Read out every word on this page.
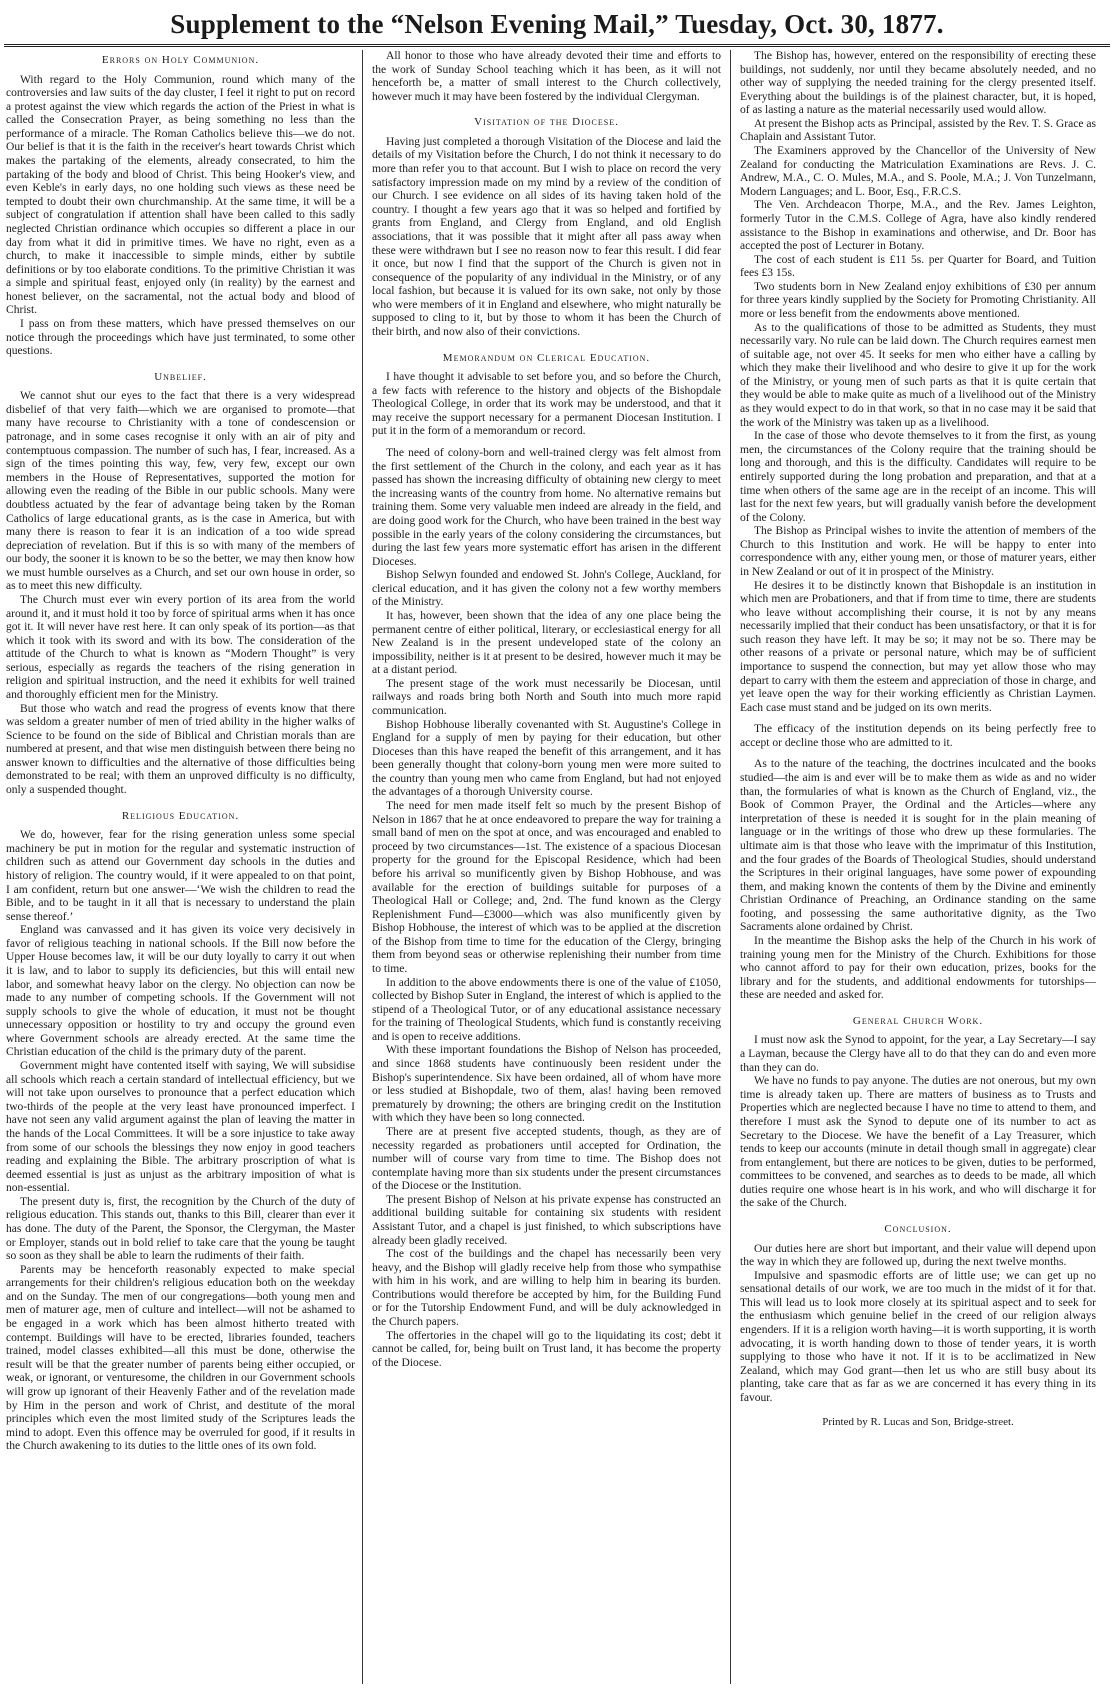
Supplement to the “Nelson Evening Mail,” Tuesday, Oct. 30, 1877.
Errors on Holy Communion.

With regard to the Holy Communion, round which many of the controversies and law suits of the day cluster, I feel it right to put on record a protest against the view which regards the action of the Priest in what is called the Consecration Prayer, as being something no less than the performance of a miracle. The Roman Catholics believe this—we do not. Our belief is that it is the faith in the receiver's heart towards Christ which makes the partaking of the elements, already consecrated, to him the partaking of the body and blood of Christ. This being Hooker's view, and even Keble's in early days, no one holding such views as these need be tempted to doubt their own churchmanship. At the same time, it will be a subject of congratulation if attention shall have been called to this sadly neglected Christian ordinance which occupies so different a place in our day from what it did in primitive times. We have no right, even as a church, to make it inaccessible to simple minds, either by subtile definitions or by too elaborate conditions. To the primitive Christian it was a simple and spiritual feast, enjoyed only (in reality) by the earnest and honest believer, on the sacramental, not the actual body and blood of Christ.

I pass on from these matters, which have pressed themselves on our notice through the proceedings which have just terminated, to some other questions.

Unbelief.

We cannot shut our eyes to the fact that there is a very widespread disbelief of that very faith—which we are organised to promote—that many have recourse to Christianity with a tone of condescension or patronage, and in some cases recognise it only with an air of pity and contemptuous compassion. The number of such has, I fear, increased. As a sign of the times pointing this way, few, very few, except our own members in the House of Representatives, supported the motion for allowing even the reading of the Bible in our public schools. Many were doubtless actuated by the fear of advantage being taken by the Roman Catholics of large educational grants, as is the case in America, but with many there is reason to fear it is an indication of a too wide spread depreciation of revelation. But if this is so with many of the members of our body, the sooner it is known to be so the better, we may then know how we must humble ourselves as a Church, and set our own house in order, so as to meet this new difficulty.

The Church must ever win every portion of its area from the world around it, and it must hold it too by force of spiritual arms when it has once got it. It will never have rest here. It can only speak of its portion—as that which it took with its sword and with its bow. The consideration of the attitude of the Church to what is known as “Modern Thought” is very serious, especially as regards the teachers of the rising generation in religion and spiritual instruction, and the need it exhibits for well trained and thoroughly efficient men for the Ministry.

But those who watch and read the progress of events know that there was seldom a greater number of men of tried ability in the higher walks of Science to be found on the side of Biblical and Christian morals than are numbered at present, and that wise men distinguish between there being no answer known to difficulties and the alternative of those difficulties being demonstrated to be real; with them an unproved difficulty is no difficulty, only a suspended thought.

Religious Education.

We do, however, fear for the rising generation unless some special machinery be put in motion for the regular and systematic instruction of children such as attend our Government day schools in the duties and history of religion. The country would, if it were appealed to on that point, I am confident, return but one answer—‘We wish the children to read the Bible, and to be taught in it all that is necessary to understand the plain sense thereof.’

England was canvassed and it has given its voice very decisively in favor of religious teaching in national schools. If the Bill now before the Upper House becomes law, it will be our duty loyally to carry it out when it is law, and to labor to supply its deficiencies, but this will entail new labor, and somewhat heavy labor on the clergy. No objection can now be made to any number of competing schools. If the Government will not supply schools to give the whole of education, it must not be thought unnecessary opposition or hostility to try and occupy the ground even where Government schools are already erected. At the same time the Christian education of the child is the primary duty of the parent.

Government might have contented itself with saying, We will subsidise all schools which reach a certain standard of intellectual efficiency, but we will not take upon ourselves to pronounce that a perfect education which two-thirds of the people at the very least have pronounced imperfect. I have not seen any valid argument against the plan of leaving the matter in the hands of the Local Committees. It will be a sore injustice to take away from some of our schools the blessings they now enjoy in good teachers reading and explaining the Bible. The arbitrary proscription of what is deemed essential is just as unjust as the arbitrary imposition of what is non-essential.

The present duty is, first, the recognition by the Church of the duty of religious education. This stands out, thanks to this Bill, clearer than ever it has done. The duty of the Parent, the Sponsor, the Clergyman, the Master or Employer, stands out in bold relief to take care that the young be taught so soon as they shall be able to learn the rudiments of their faith.

Parents may be henceforth reasonably expected to make special arrangements for their children's religious education both on the weekday and on the Sunday. The men of our congregations—both young men and men of maturer age, men of culture and intellect—will not be ashamed to be engaged in a work which has been almost hitherto treated with contempt. Buildings will have to be erected, libraries founded, teachers trained, model classes exhibited—all this must be done, otherwise the result will be that the greater number of parents being either occupied, or weak, or ignorant, or venturesome, the children in our Government schools will grow up ignorant of their Heavenly Father and of the revelation made by Him in the person and work of Christ, and destitute of the moral principles which even the most limited study of the Scriptures leads the mind to adopt. Even this offence may be overruled for good, if it results in the Church awakening to its duties to the little ones of its own fold.

All honor to those who have already devoted their time and efforts to the work of Sunday School teaching which it has been, as it will not henceforth be, a matter of small interest to the Church collectively, however much it may have been fostered by the individual Clergyman.

Visitation of the Diocese.

Having just completed a thorough Visitation of the Diocese and laid the details of my Visitation before the Church, I do not think it necessary to do more than refer you to that account. But I wish to place on record the very satisfactory impression made on my mind by a review of the condition of our Church. I see evidence on all sides of its having taken hold of the country. I thought a few years ago that it was so helped and fortified by grants from England, and Clergy from England, and old English associations, that it was possible that it might after all pass away when these were withdrawn but I see no reason now to fear this result. I did fear it once, but now I find that the support of the Church is given not in consequence of the popularity of any individual in the Ministry, or of any local fashion, but because it is valued for its own sake, not only by those who were members of it in England and elsewhere, who might naturally be supposed to cling to it, but by those to whom it has been the Church of their birth, and now also of their convictions.

Memorandum on Clerical Education.

I have thought it advisable to set before you, and so before the Church, a few facts with reference to the history and objects of the Bishopdale Theological College, in order that its work may be understood, and that it may receive the support necessary for a permanent Diocesan Institution. I put it in the form of a memorandum or record.

The need of colony-born and well-trained clergy was felt almost from the first settlement of the Church in the colony, and each year as it has passed has shown the increasing difficulty of obtaining new clergy to meet the increasing wants of the country from home. No alternative remains but training them. Some very valuable men indeed are already in the field, and are doing good work for the Church, who have been trained in the best way possible in the early years of the colony considering the circumstances, but during the last few years more systematic effort has arisen in the different Dioceses.

Bishop Selwyn founded and endowed St. John's College, Auckland, for clerical education, and it has given the colony not a few worthy members of the Ministry.

It has, however, been shown that the idea of any one place being the permanent centre of either political, literary, or ecclesiastical energy for all New Zealand is in the present undeveloped state of the colony an impossibility, neither is it at present to be desired, however much it may be at a distant period.

The present stage of the work must necessarily be Diocesan, until railways and roads bring both North and South into much more rapid communication.

Bishop Hobhouse liberally covenanted with St. Augustine's College in England for a supply of men by paying for their education, but other Dioceses than this have reaped the benefit of this arrangement, and it has been generally thought that colony-born young men were more suited to the country than young men who came from England, but had not enjoyed the advantages of a thorough University course.

The need for men made itself felt so much by the present Bishop of Nelson in 1867 that he at once endeavored to prepare the way for training a small band of men on the spot at once, and was encouraged and enabled to proceed by two circumstances—1st. The existence of a spacious Diocesan property for the ground for the Episcopal Residence, which had been before his arrival so munificently given by Bishop Hobhouse, and was available for the erection of buildings suitable for purposes of a Theological Hall or College; and, 2nd. The fund known as the Clergy Replenishment Fund—£3000—which was also munificently given by Bishop Hobhouse, the interest of which was to be applied at the discretion of the Bishop from time to time for the education of the Clergy, bringing them from beyond seas or otherwise replenishing their number from time to time.

In addition to the above endowments there is one of the value of £1050, collected by Bishop Suter in England, the interest of which is applied to the stipend of a Theological Tutor, or of any educational assistance necessary for the training of Theological Students, which fund is constantly receiving and is open to receive additions.

With these important foundations the Bishop of Nelson has proceeded, and since 1868 students have continuously been resident under the Bishop's superintendence. Six have been ordained, all of whom have more or less studied at Bishopdale, two of them, alas! having been removed prematurely by drowning; the others are bringing credit on the Institution with which they have been so long connected.

There are at present five accepted students, though, as they are of necessity regarded as probationers until accepted for Ordination, the number will of course vary from time to time. The Bishop does not contemplate having more than six students under the present circumstances of the Diocese or the Institution.

The present Bishop of Nelson at his private expense has constructed an additional building suitable for containing six students with resident Assistant Tutor, and a chapel is just finished, to which subscriptions have already been gladly received.

The cost of the buildings and the chapel has necessarily been very heavy, and the Bishop will gladly receive help from those who sympathise with him in his work, and are willing to help him in bearing its burden. Contributions would therefore be accepted by him, for the Building Fund or for the Tutorship Endowment Fund, and will be duly acknowledged in the Church papers.

The offertories in the chapel will go to the liquidating its cost; debt it cannot be called, for, being built on Trust land, it has become the property of the Diocese.

The Bishop has, however, entered on the responsibility of erecting these buildings, not suddenly, nor until they became absolutely needed, and no other way of supplying the needed training for the clergy presented itself. Everything about the buildings is of the plainest character, but, it is hoped, of as lasting a nature as the material necessarily used would allow.

At present the Bishop acts as Principal, assisted by the Rev. T. S. Grace as Chaplain and Assistant Tutor.

The Examiners approved by the Chancellor of the University of New Zealand for conducting the Matriculation Examinations are Revs. J. C. Andrew, M.A., C. O. Mules, M.A., and S. Poole, M.A.; J. Von Tunzelmann, Modern Languages; and L. Boor, Esq., F.R.C.S.

The Ven. Archdeacon Thorpe, M.A., and the Rev. James Leighton, formerly Tutor in the C.M.S. College of Agra, have also kindly rendered assistance to the Bishop in examinations and otherwise, and Dr. Boor has accepted the post of Lecturer in Botany.

The cost of each student is £11 5s. per Quarter for Board, and Tuition fees £3 15s.

Two students born in New Zealand enjoy exhibitions of £30 per annum for three years kindly supplied by the Society for Promoting Christianity. All more or less benefit from the endowments above mentioned.

As to the qualifications of those to be admitted as Students, they must necessarily vary. No rule can be laid down. The Church requires earnest men of suitable age, not over 45. It seeks for men who either have a calling by which they make their livelihood and who desire to give it up for the work of the Ministry, or young men of such parts as that it is quite certain that they would be able to make quite as much of a livelihood out of the Ministry as they would expect to do in that work, so that in no case may it be said that the work of the Ministry was taken up as a livelihood.

In the case of those who devote themselves to it from the first, as young men, the circumstances of the Colony require that the training should be long and thorough, and this is the difficulty. Candidates will require to be entirely supported during the long probation and preparation, and that at a time when others of the same age are in the receipt of an income. This will last for the next few years, but will gradually vanish before the development of the Colony.

The Bishop as Principal wishes to invite the attention of members of the Church to this Institution and work. He will be happy to enter into correspondence with any, either young men, or those of maturer years, either in New Zealand or out of it in prospect of the Ministry.

He desires it to be distinctly known that Bishopdale is an institution in which men are Probationers, and that if from time to time, there are students who leave without accomplishing their course, it is not by any means necessarily implied that their conduct has been unsatisfactory, or that it is for such reason they have left. It may be so; it may not be so. There may be other reasons of a private or personal nature, which may be of sufficient importance to suspend the connection, but may yet allow those who may depart to carry with them the esteem and appreciation of those in charge, and yet leave open the way for their working efficiently as Christian Laymen. Each case must stand and be judged on its own merits.

The efficacy of the institution depends on its being perfectly free to accept or decline those who are admitted to it.

As to the nature of the teaching, the doctrines inculcated and the books studied—the aim is and ever will be to make them as wide as and no wider than, the formularies of what is known as the Church of England, viz., the Book of Common Prayer, the Ordinal and the Articles—where any interpretation of these is needed it is sought for in the plain meaning of language or in the writings of those who drew up these formularies. The ultimate aim is that those who leave with the imprimatur of this Institution, and the four grades of the Boards of Theological Studies, should understand the Scriptures in their original languages, have some power of expounding them, and making known the contents of them by the Divine and eminently Christian Ordinance of Preaching, an Ordinance standing on the same footing, and possessing the same authoritative dignity, as the Two Sacraments alone ordained by Christ.

In the meantime the Bishop asks the help of the Church in his work of training young men for the Ministry of the Church. Exhibitions for those who cannot afford to pay for their own education, prizes, books for the library and for the students, and additional endowments for tutorships—these are needed and asked for.

General Church Work.

I must now ask the Synod to appoint, for the year, a Lay Secretary—I say a Layman, because the Clergy have all to do that they can do and even more than they can do.

We have no funds to pay anyone. The duties are not onerous, but my own time is already taken up. There are matters of business as to Trusts and Properties which are neglected because I have no time to attend to them, and therefore I must ask the Synod to depute one of its number to act as Secretary to the Diocese. We have the benefit of a Lay Treasurer, which tends to keep our accounts (minute in detail though small in aggregate) clear from entanglement, but there are notices to be given, duties to be performed, committees to be convened, and searches as to deeds to be made, all which duties require one whose heart is in his work, and who will discharge it for the sake of the Church.

Conclusion.

Our duties here are short but important, and their value will depend upon the way in which they are followed up, during the next twelve months.

Impulsive and spasmodic efforts are of little use; we can get up no sensational details of our work, we are too much in the midst of it for that. This will lead us to look more closely at its spiritual aspect and to seek for the enthusiasm which genuine belief in the creed of our religion always engenders. If it is a religion worth having—it is worth supporting, it is worth advocating, it is worth handing down to those of tender years, it is worth supplying to those who have it not. If it is to be acclimatized in New Zealand, which may God grant—then let us who are still busy about its planting, take care that as far as we are concerned it has every thing in its favour.

Printed by R. Lucas and Son, Bridge-street.
